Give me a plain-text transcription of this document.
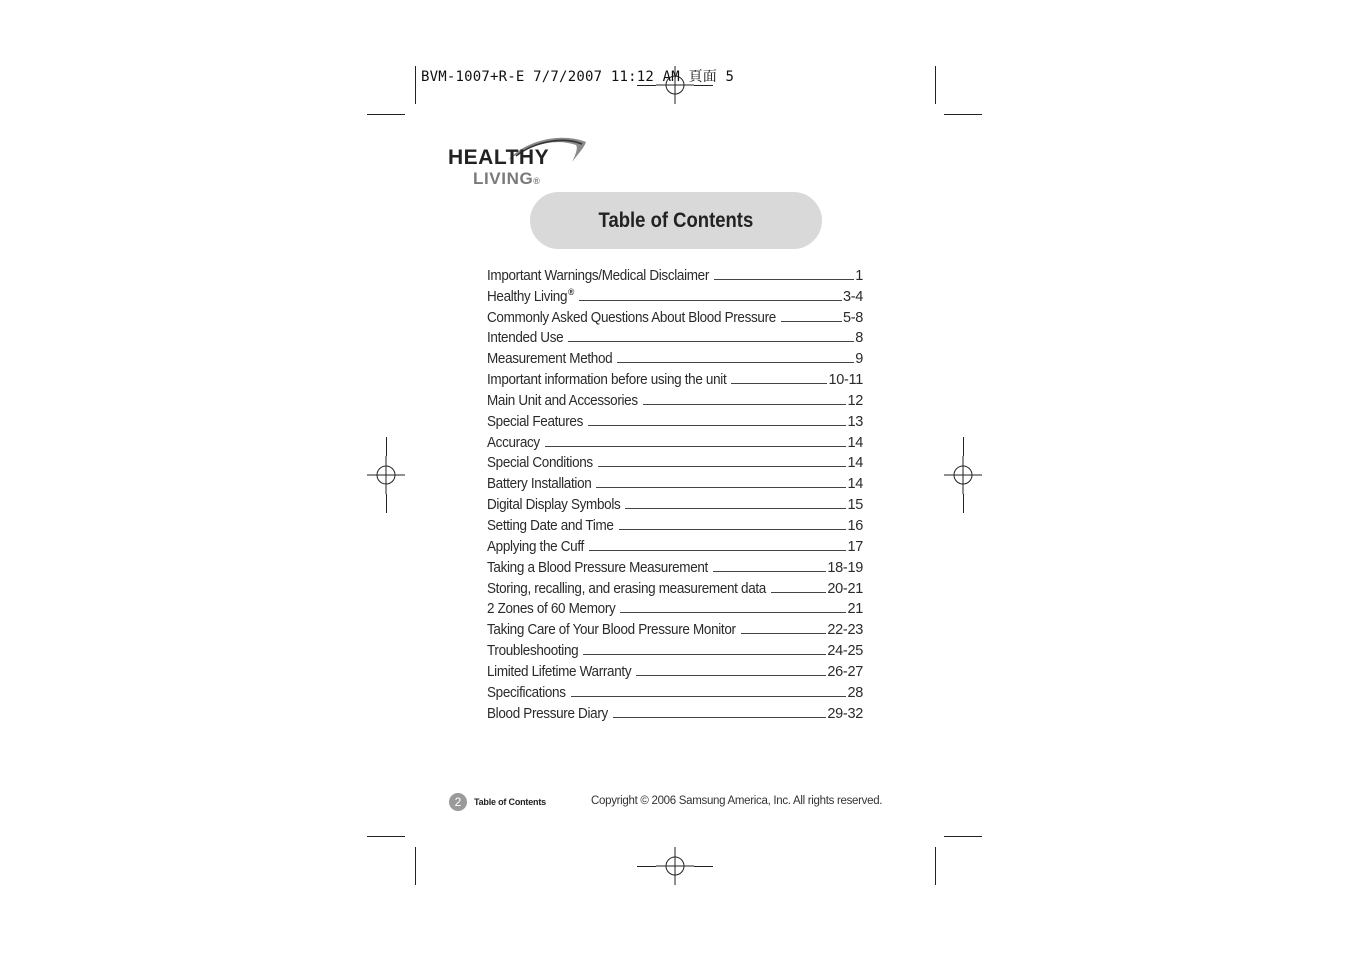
BVM-1007+R-E 7/7/2007 11:12 AM 頁面 5
HEALTHY
LIVING®
Table of Contents
Important Warnings/Medical Disclaimer	1
Healthy Living®	3-4
Commonly Asked Questions About Blood Pressure	5-8
Intended Use	8
Measurement Method	9
Important information before using the unit	10-11
Main Unit and Accessories	12
Special Features	13
Accuracy	14
Special Conditions	14
Battery Installation	14
Digital Display Symbols	15
Setting Date and Time	16
Applying the Cuff	17
Taking a Blood Pressure Measurement	18-19
Storing, recalling, and erasing measurement data	20-21
2 Zones of 60 Memory	21
Taking Care of Your Blood Pressure Monitor	22-23
Troubleshooting	24-25
Limited Lifetime Warranty	26-27
Specifications	28
Blood Pressure Diary	29-32
2	Table of Contents	Copyright © 2006 Samsung America, Inc. All rights reserved.
